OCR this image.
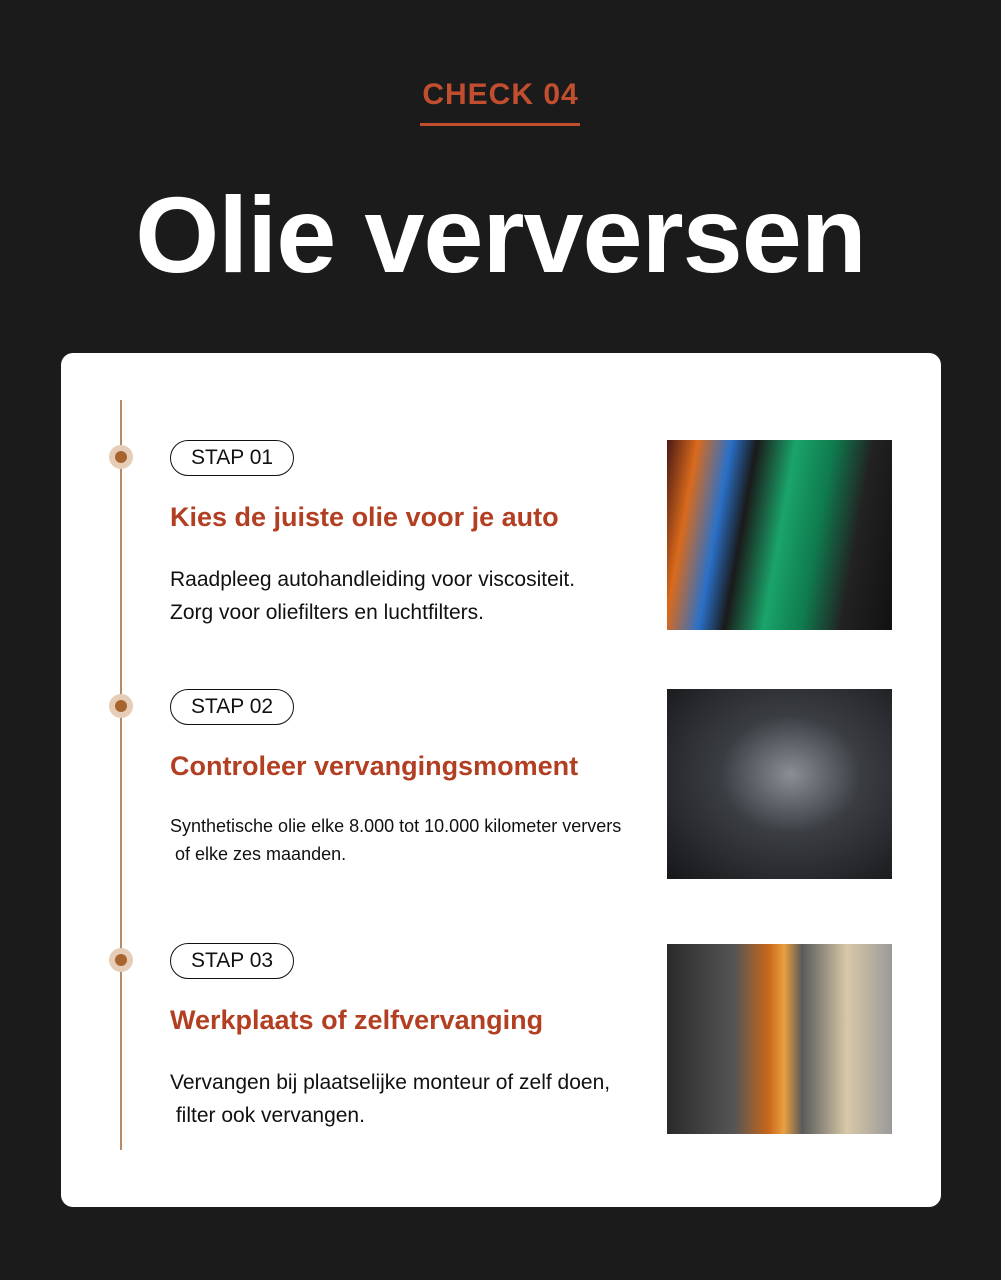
CHECK 04
Olie verversen
STAP 01
Kies de juiste olie voor je auto
Raadpleeg autohandleiding voor viscositeit.
Zorg voor oliefilters en luchtfilters.
STAP 02
Controleer vervangingsmoment
Synthetische olie elke 8.000 tot 10.000 kilometer ververs
of elke zes maanden.
STAP 03
Werkplaats of zelfvervanging
Vervangen bij plaatselijke monteur of zelf doen,
filter ook vervangen.
